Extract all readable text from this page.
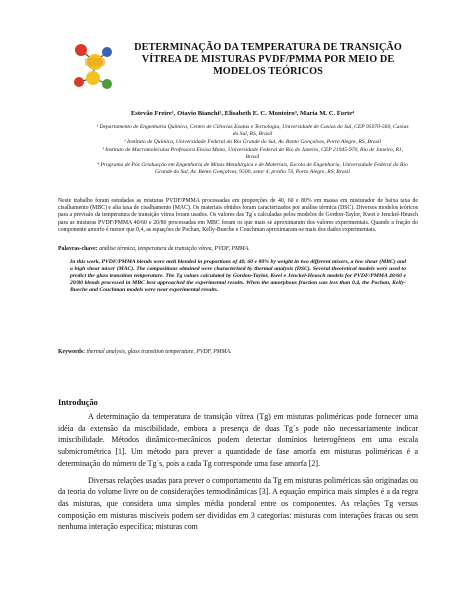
DETERMINAÇÃO DA TEMPERATURA DE TRANSIÇÃO
VÍTREA DE MISTURAS PVDF/PMMA POR MEIO DE
MODELOS TEÓRICOS
Estevão Freire¹, Otavio Bianchi², Elisabeth E. C. Monteiro³, Maria M. C. Forte⁴
¹ Departamento de Engenharia Química, Centro de Ciências Exatas e Tecnologia, Universidade de Caxias do Sul, CEP 95070-560, Caxias do Sul, RS, Brasil
² Instituto de Química, Universidade Federal do Rio Grande do Sul, Av. Bento Gonçalves, Porto Alegre, RS, Brasil
³ Instituto de Macromoléculas Professora Eloisa Mano, Universidade Federal do Rio de Janeiro, CEP 21945-970, Rio de Janeiro, RJ, Brasil
⁴ Programa de Pós Graduação em Engenharia de Minas Metalúrgica e de Materiais, Escola de Engenharia, Universidade Federal do Rio Grande do Sul, Av. Bento Gonçalves, 9500, setor 4, prédio 74, Porto Alegre, RS, Brasil
Neste trabalho foram estudadas as misturas PVDF/PMMA processadas em proporções de 40, 60 e 80% em massa em misturador de baixa taxa de cisalhamento (MBC) e alta taxa de cisalhamento (MAC). Os materiais obtidos foram caracterizados por análise térmica (DSC). Diversos modelos teóricos para a previsão da temperatura de transição vítrea foram usados. Os valores das Tg´s calculadas pelos modelos de Gordon-Taylor, Kwei e Jenckel-Heusch para as misturas PVDF/PMMA 40/60 e 20/80 processadas em MBC foram os que mais se aproximaram dos valores experimentais. Quando a fração do componente amorfo é menor que 0,4, as equações de Pochan, Kelly-Bueche e Couchman aproximaram-se mais dos dados experimentais.
Palavras-chave: análise térmica, temperatura de transição vítrea, PVDF, PMMA.
In this work, PVDF/PMMA blends were melt blended in proportions of 40, 60 e 80% by weight in two different mixers, a low shear (MBC) and a high shear mixer (MAC). The compositions obtained were characterized by thermal analysis (DSC). Several theoretical models were used to predict the glass transition temperature. The Tg values calculated by Gordon-Taylor, Kwei e Jenckel-Heusch models for PVDF/PMMA 40/60 e 20/80 blends processed in MBC best approached the experimental results. When the amorphous fraction was less than 0,4, the Pochan, Kelly-Bueche and Couchman models were near experimental results.
Keywords: thermal analysis, glass transition temperature, PVDF, PMMA.
Introdução

A determinação da temperatura de transição vítrea (Tg) em misturas poliméricas pode fornecer uma idéia da extensão da miscibilidade, embora a presença de duas Tg´s pode não necessariamente indicar imiscibilidade. Métodos dinâmico-mecânicos podem detectar domínios heterogêneos em uma escala submicrométrica [1]. Um método para prever a quantidade de fase amorfa em misturas poliméricas é a determinação do número de Tg´s, pois a cada Tg corresponde uma fase amorfa [2].

Diversas relações usadas para prever o comportamento da Tg em misturas poliméricas são originadas ou da teoria do volume livre ou de considerações termodinâmicas [3]. A equação empírica mais simples é a da regra das misturas, que considera uma simples média ponderal entre os componentes. As relações Tg versus composição em misturas miscíveis podem ser divididas em 3 categorias: misturas com interações fracas ou sem nenhuma interação específica; misturas com
